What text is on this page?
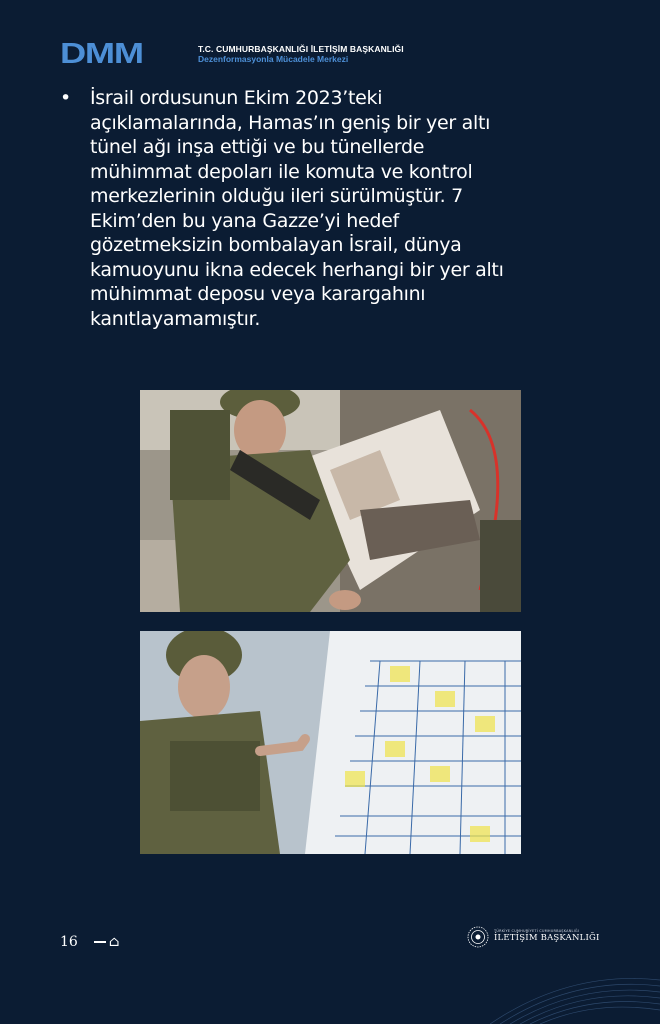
DMM	T.C. CUMHURBAŞKANLIĞI İLETİŞİM BAŞKANLIĞI
Dezenformasyonla Mücadele Merkezi
• İsrail ordusunun Ekim 2023’teki açıklamalarında, Hamas’ın geniş bir yer altı tünel ağı inşa ettiği ve bu tünellerde mühimmat depoları ile komuta ve kontrol merkezlerinin olduğu ileri sürülmüştür. 7 Ekim’den bu yana Gazze’yi hedef gözetmeksizin bombalayan İsrail, dünya kamuoyunu ikna edecek herhangi bir yer altı mühimmat deposu veya karargahını kanıtlayamamıştır.
16 ⌂
TÜRKİYE CUMHURİYETİ CUMHURBAŞKANLIĞI
İLETİŞİM BAŞKANLIĞI
